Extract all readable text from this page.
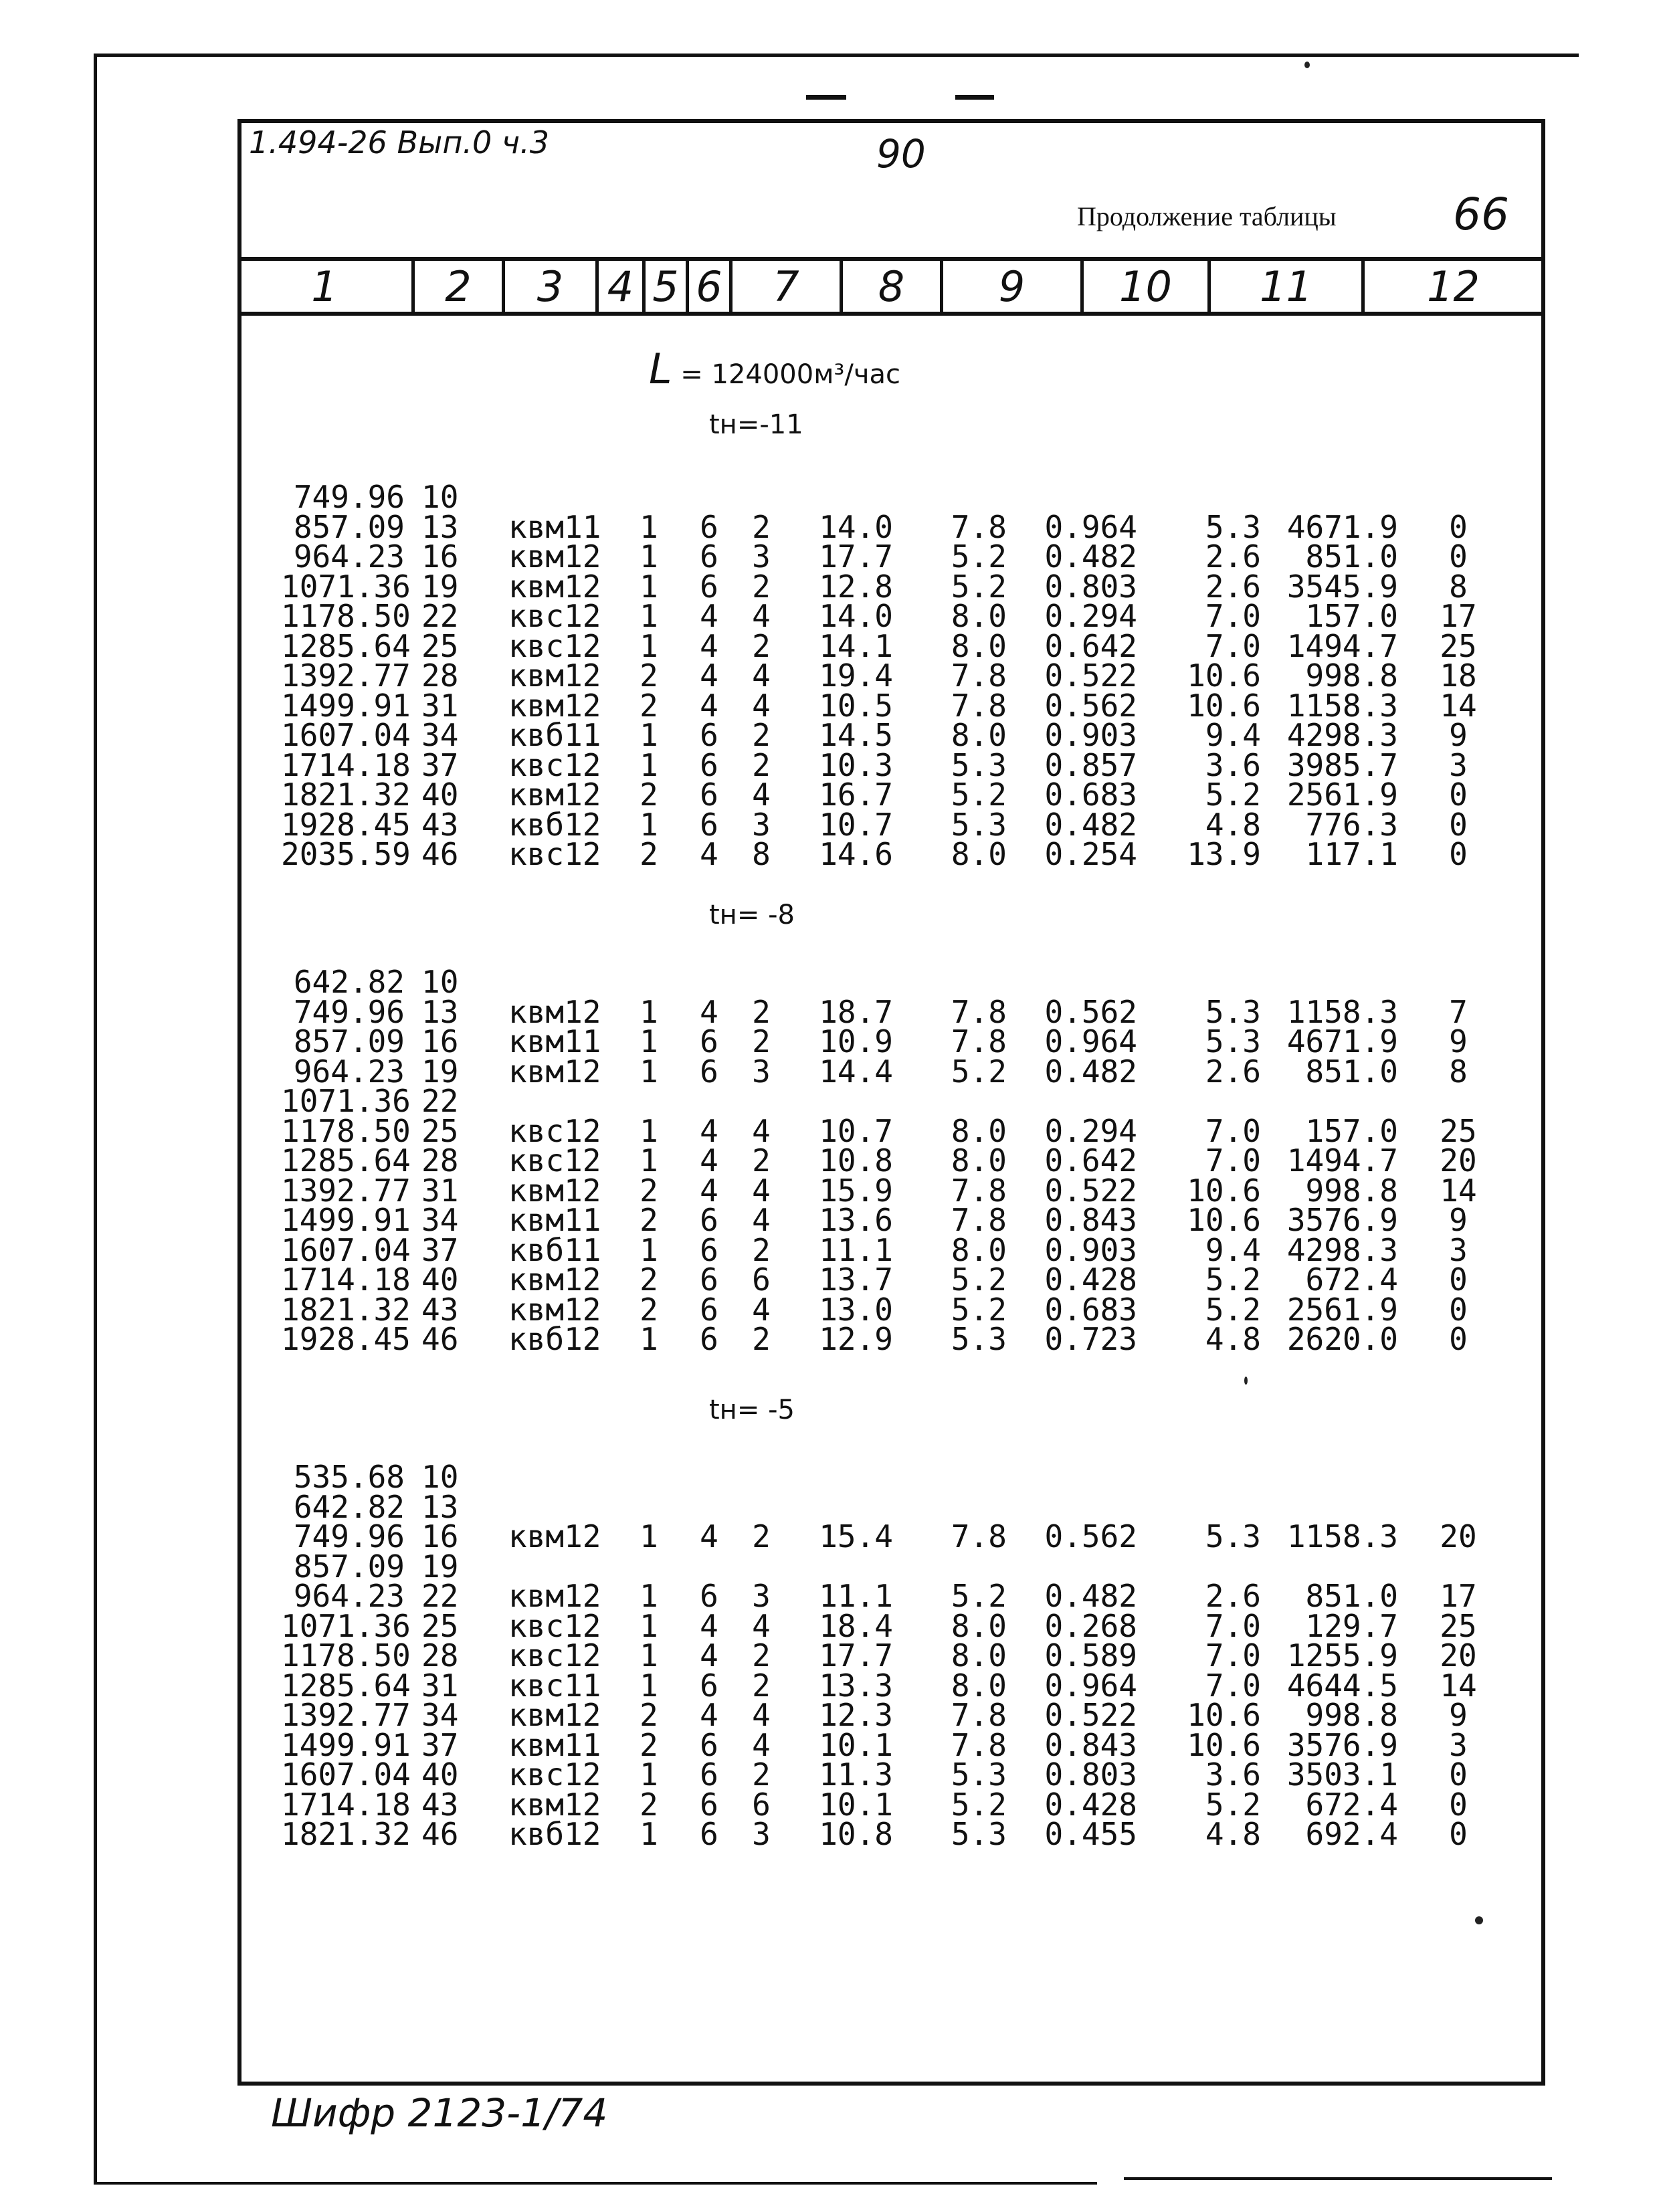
1.494-26 Вып.0 ч.3	90
Продолжение таблицы	66
1	2	3	4 5 6	7	8	9	10	11	12
L = 124000м³/час
tн=-11
tн= -8
tн= -5
749.96 10
857.09 13	квм11 1 6 2	14.0	7.8	0.964	5.3 4671.9	0
964.23 16	квм12 1 6 3	17.7	5.2	0.482	2.6	851.0	0
1071.36 19	квм12 1 6 2	12.8	5.2	0.803	2.6 3545.9	8
1178.50 22	квс12 1 4 4	14.0	8.0	0.294	7.0	157.0 17
1285.64 25	квс12 1 4 2	14.1	8.0	0.642	7.0 1494.7 25
1392.77 28	квм12 2 4 4	19.4	7.8	0.522	10.6	998.8 18
1499.91 31	квм12 2 4 4	10.5	7.8	0.562	10.6 1158.3 14
1607.04 34	квб11 1 6 2	14.5	8.0	0.903	9.4 4298.3	9
1714.18 37	квс12 1 6 2	10.3	5.3	0.857	3.6 3985.7	3
1821.32 40	квм12 2 6 4	16.7	5.2	0.683	5.2 2561.9	0
1928.45 43	квб12 1 6 3	10.7	5.3	0.482	4.8	776.3	0
2035.59 46	квс12 2 4 8	14.6	8.0	0.254	13.9	117.1	0
642.82 10
749.96 13	квм12 1 4 2	18.7	7.8	0.562	5.3 1158.3	7
857.09 16	квм11 1 6 2	10.9	7.8	0.964	5.3 4671.9	9
964.23 19	квм12 1 6 3	14.4	5.2	0.482	2.6	851.0	8
1071.36 22
1178.50 25	квс12 1 4 4	10.7	8.0	0.294	7.0	157.0 25
1285.64 28	квс12 1 4 2	10.8	8.0	0.642	7.0 1494.7 20
1392.77 31	квм12 2 4 4	15.9	7.8	0.522	10.6	998.8 14
1499.91 34	квм11 2 6 4	13.6	7.8	0.843	10.6 3576.9	9
1607.04 37	квб11 1 6 2	11.1	8.0	0.903	9.4 4298.3	3
1714.18 40	квм12 2 6 6	13.7	5.2	0.428	5.2	672.4	0
1821.32 43	квм12 2 6 4	13.0	5.2	0.683	5.2 2561.9	0
1928.45 46	квб12 1 6 2	12.9	5.3	0.723	4.8 2620.0	0
535.68 10
642.82 13
749.96 16	квм12 1 4 2	15.4	7.8	0.562	5.3 1158.3 20
857.09 19
964.23 22	квм12 1 6 3	11.1	5.2	0.482	2.6	851.0 17
1071.36 25	квс12 1 4 4	18.4	8.0	0.268	7.0	129.7 25
1178.50 28	квс12 1 4 2	17.7	8.0	0.589	7.0 1255.9 20
1285.64 31	квс11 1 6 2	13.3	8.0	0.964	7.0 4644.5 14
1392.77 34	квм12 2 4 4	12.3	7.8	0.522	10.6	998.8	9
1499.91 37	квм11 2 6 4	10.1	7.8	0.843	10.6 3576.9	3
1607.04 40	квс12 1 6 2	11.3	5.3	0.803	3.6 3503.1	0
1714.18 43	квм12 2 6 6	10.1	5.2	0.428	5.2	672.4	0
1821.32 46	квб12 1 6 3	10.8	5.3	0.455	4.8	692.4	0
Шифр 2123-1/74
